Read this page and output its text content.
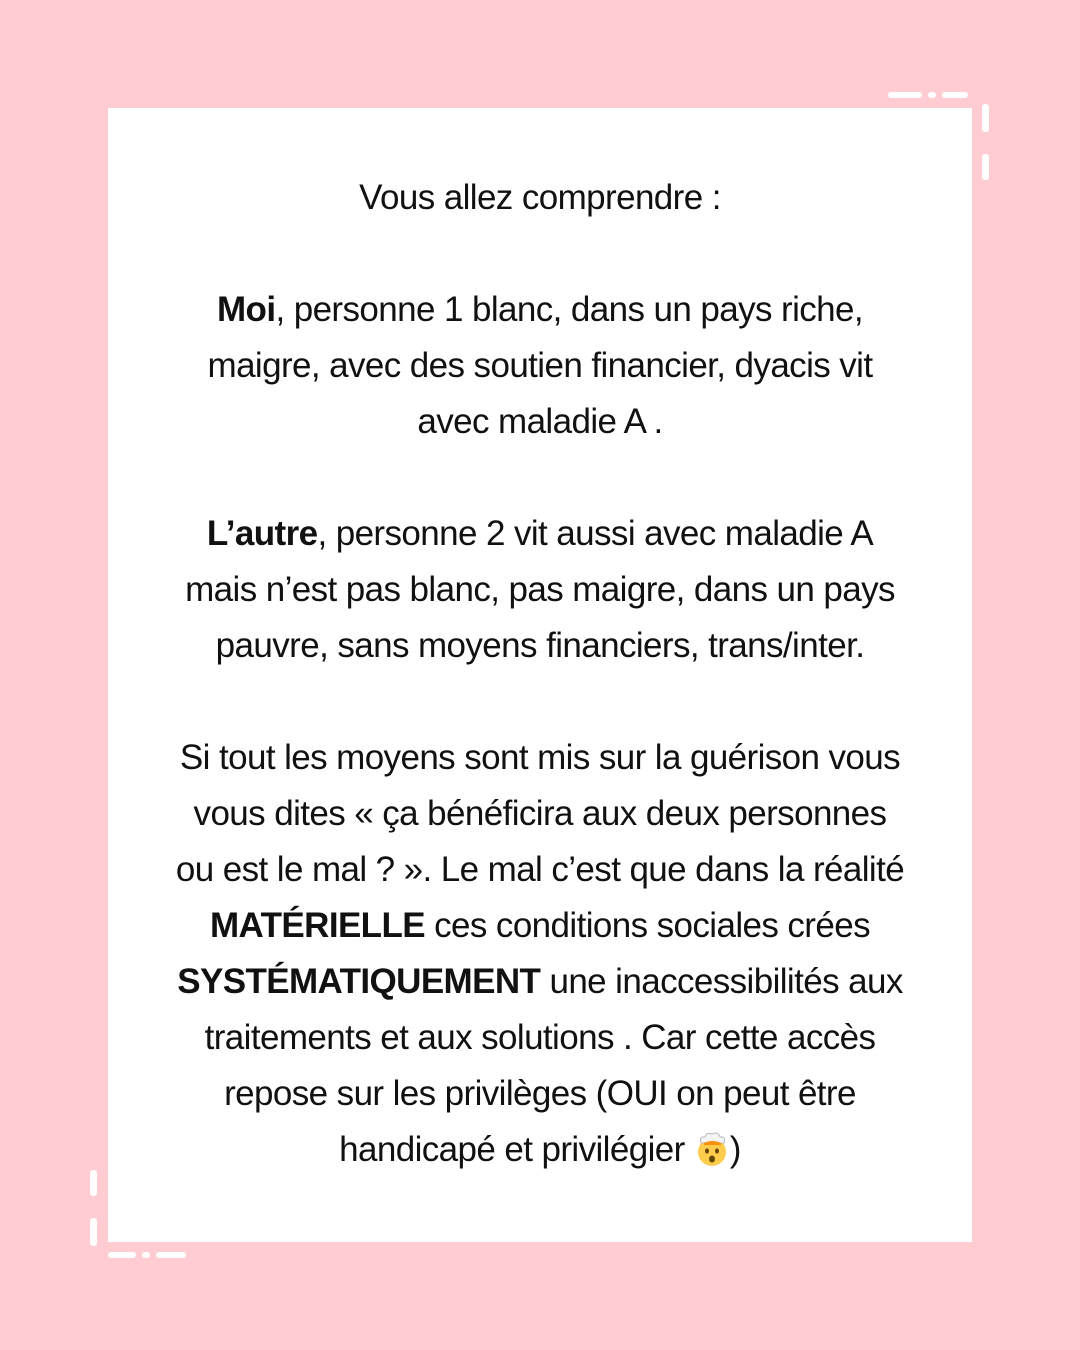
Vous allez comprendre :

Moi, personne 1 blanc, dans un pays riche,
maigre, avec des soutien financier, dyacis vit
avec maladie A .

L’autre, personne 2 vit aussi avec maladie A
mais n’est pas blanc, pas maigre, dans un pays
pauvre, sans moyens financiers, trans/inter.

Si tout les moyens sont mis sur la guérison vous
vous dites « ça bénéficira aux deux personnes
ou est le mal ? ». Le mal c’est que dans la réalité
MATÉRIELLE ces conditions sociales crées
SYSTÉMATIQUEMENT une inaccessibilités aux
traitements et aux solutions . Car cette accès
repose sur les privilèges (OUI on peut être
handicapé et privilégier )
